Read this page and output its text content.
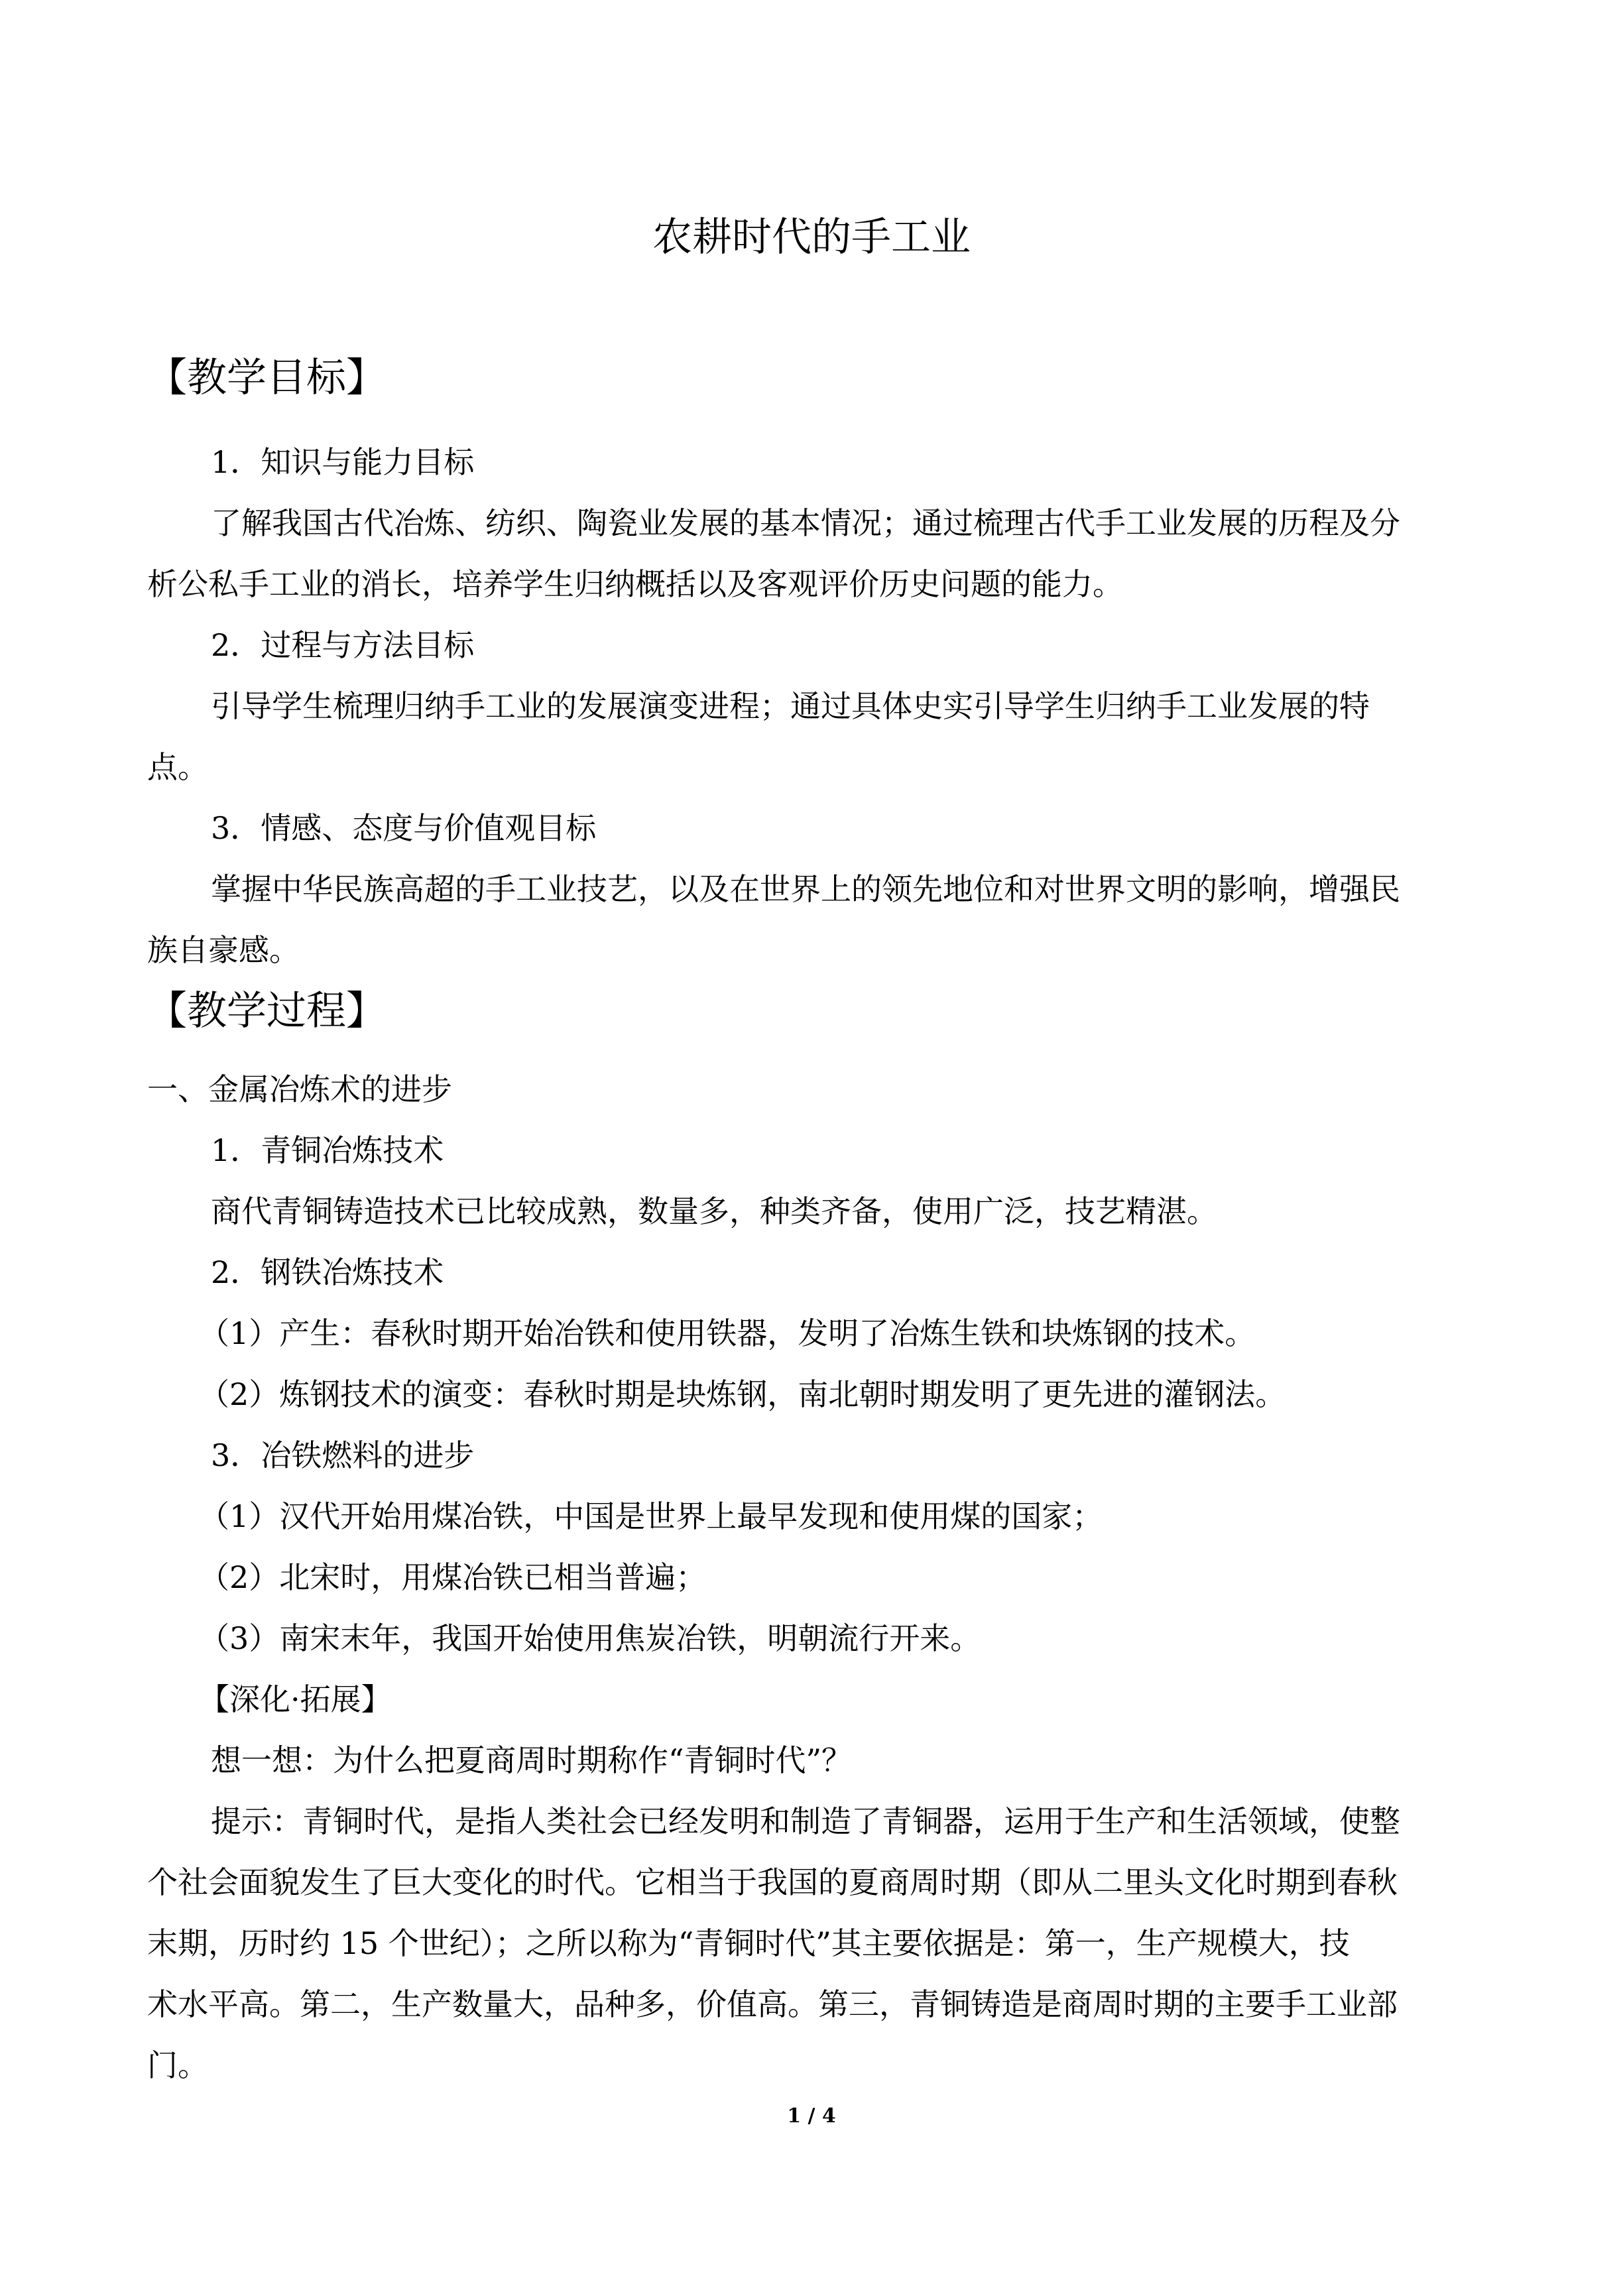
农耕时代的手工业
【教学目标】
1．知识与能力目标
了解我国古代冶炼、纺织、陶瓷业发展的基本情况；通过梳理古代手工业发展的历程及分
析公私手工业的消长，培养学生归纳概括以及客观评价历史问题的能力。
2．过程与方法目标
引导学生梳理归纳手工业的发展演变进程；通过具体史实引导学生归纳手工业发展的特
点。
3．情感、态度与价值观目标
掌握中华民族高超的手工业技艺，以及在世界上的领先地位和对世界文明的影响，增强民
族自豪感。
【教学过程】
一、金属冶炼术的进步
1．青铜冶炼技术
商代青铜铸造技术已比较成熟，数量多，种类齐备，使用广泛，技艺精湛。
2．钢铁冶炼技术
（1）产生：春秋时期开始冶铁和使用铁器，发明了冶炼生铁和块炼钢的技术。
（2）炼钢技术的演变：春秋时期是块炼钢，南北朝时期发明了更先进的灌钢法。
3．冶铁燃料的进步
（1）汉代开始用煤冶铁，中国是世界上最早发现和使用煤的国家；
（2）北宋时，用煤冶铁已相当普遍；
（3）南宋末年，我国开始使用焦炭冶铁，明朝流行开来。
【深化·拓展】
想一想：为什么把夏商周时期称作“青铜时代”？
提示：青铜时代，是指人类社会已经发明和制造了青铜器，运用于生产和生活领域，使整
个社会面貌发生了巨大变化的时代。它相当于我国的夏商周时期（即从二里头文化时期到春秋
末期，历时约 15 个世纪）；之所以称为“青铜时代”其主要依据是：第一，生产规模大，技
术水平高。第二，生产数量大，品种多，价值高。第三，青铜铸造是商周时期的主要手工业部
门。
1 / 4
